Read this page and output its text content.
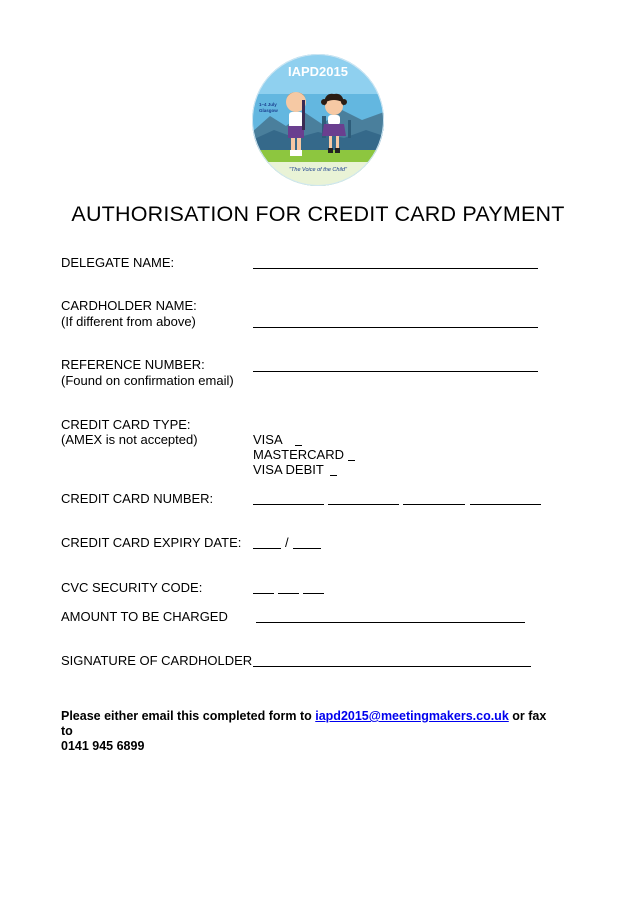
IAPD2015
1–4 July
Glasgow
"The Voice of the Child"
AUTHORISATION FOR CREDIT CARD PAYMENT
DELEGATE NAME:
CARDHOLDER NAME:
(If different from above)
REFERENCE NUMBER:
(Found on confirmation email)
CREDIT CARD TYPE:
(AMEX is not accepted)	VISA
MASTERCARD
VISA DEBIT
CREDIT CARD NUMBER:
CREDIT CARD EXPIRY DATE:	/
CVC SECURITY CODE:
AMOUNT TO BE CHARGED
SIGNATURE OF CARDHOLDER
Please either email this completed form to iapd2015@meetingmakers.co.uk or fax to
0141 945 6899
